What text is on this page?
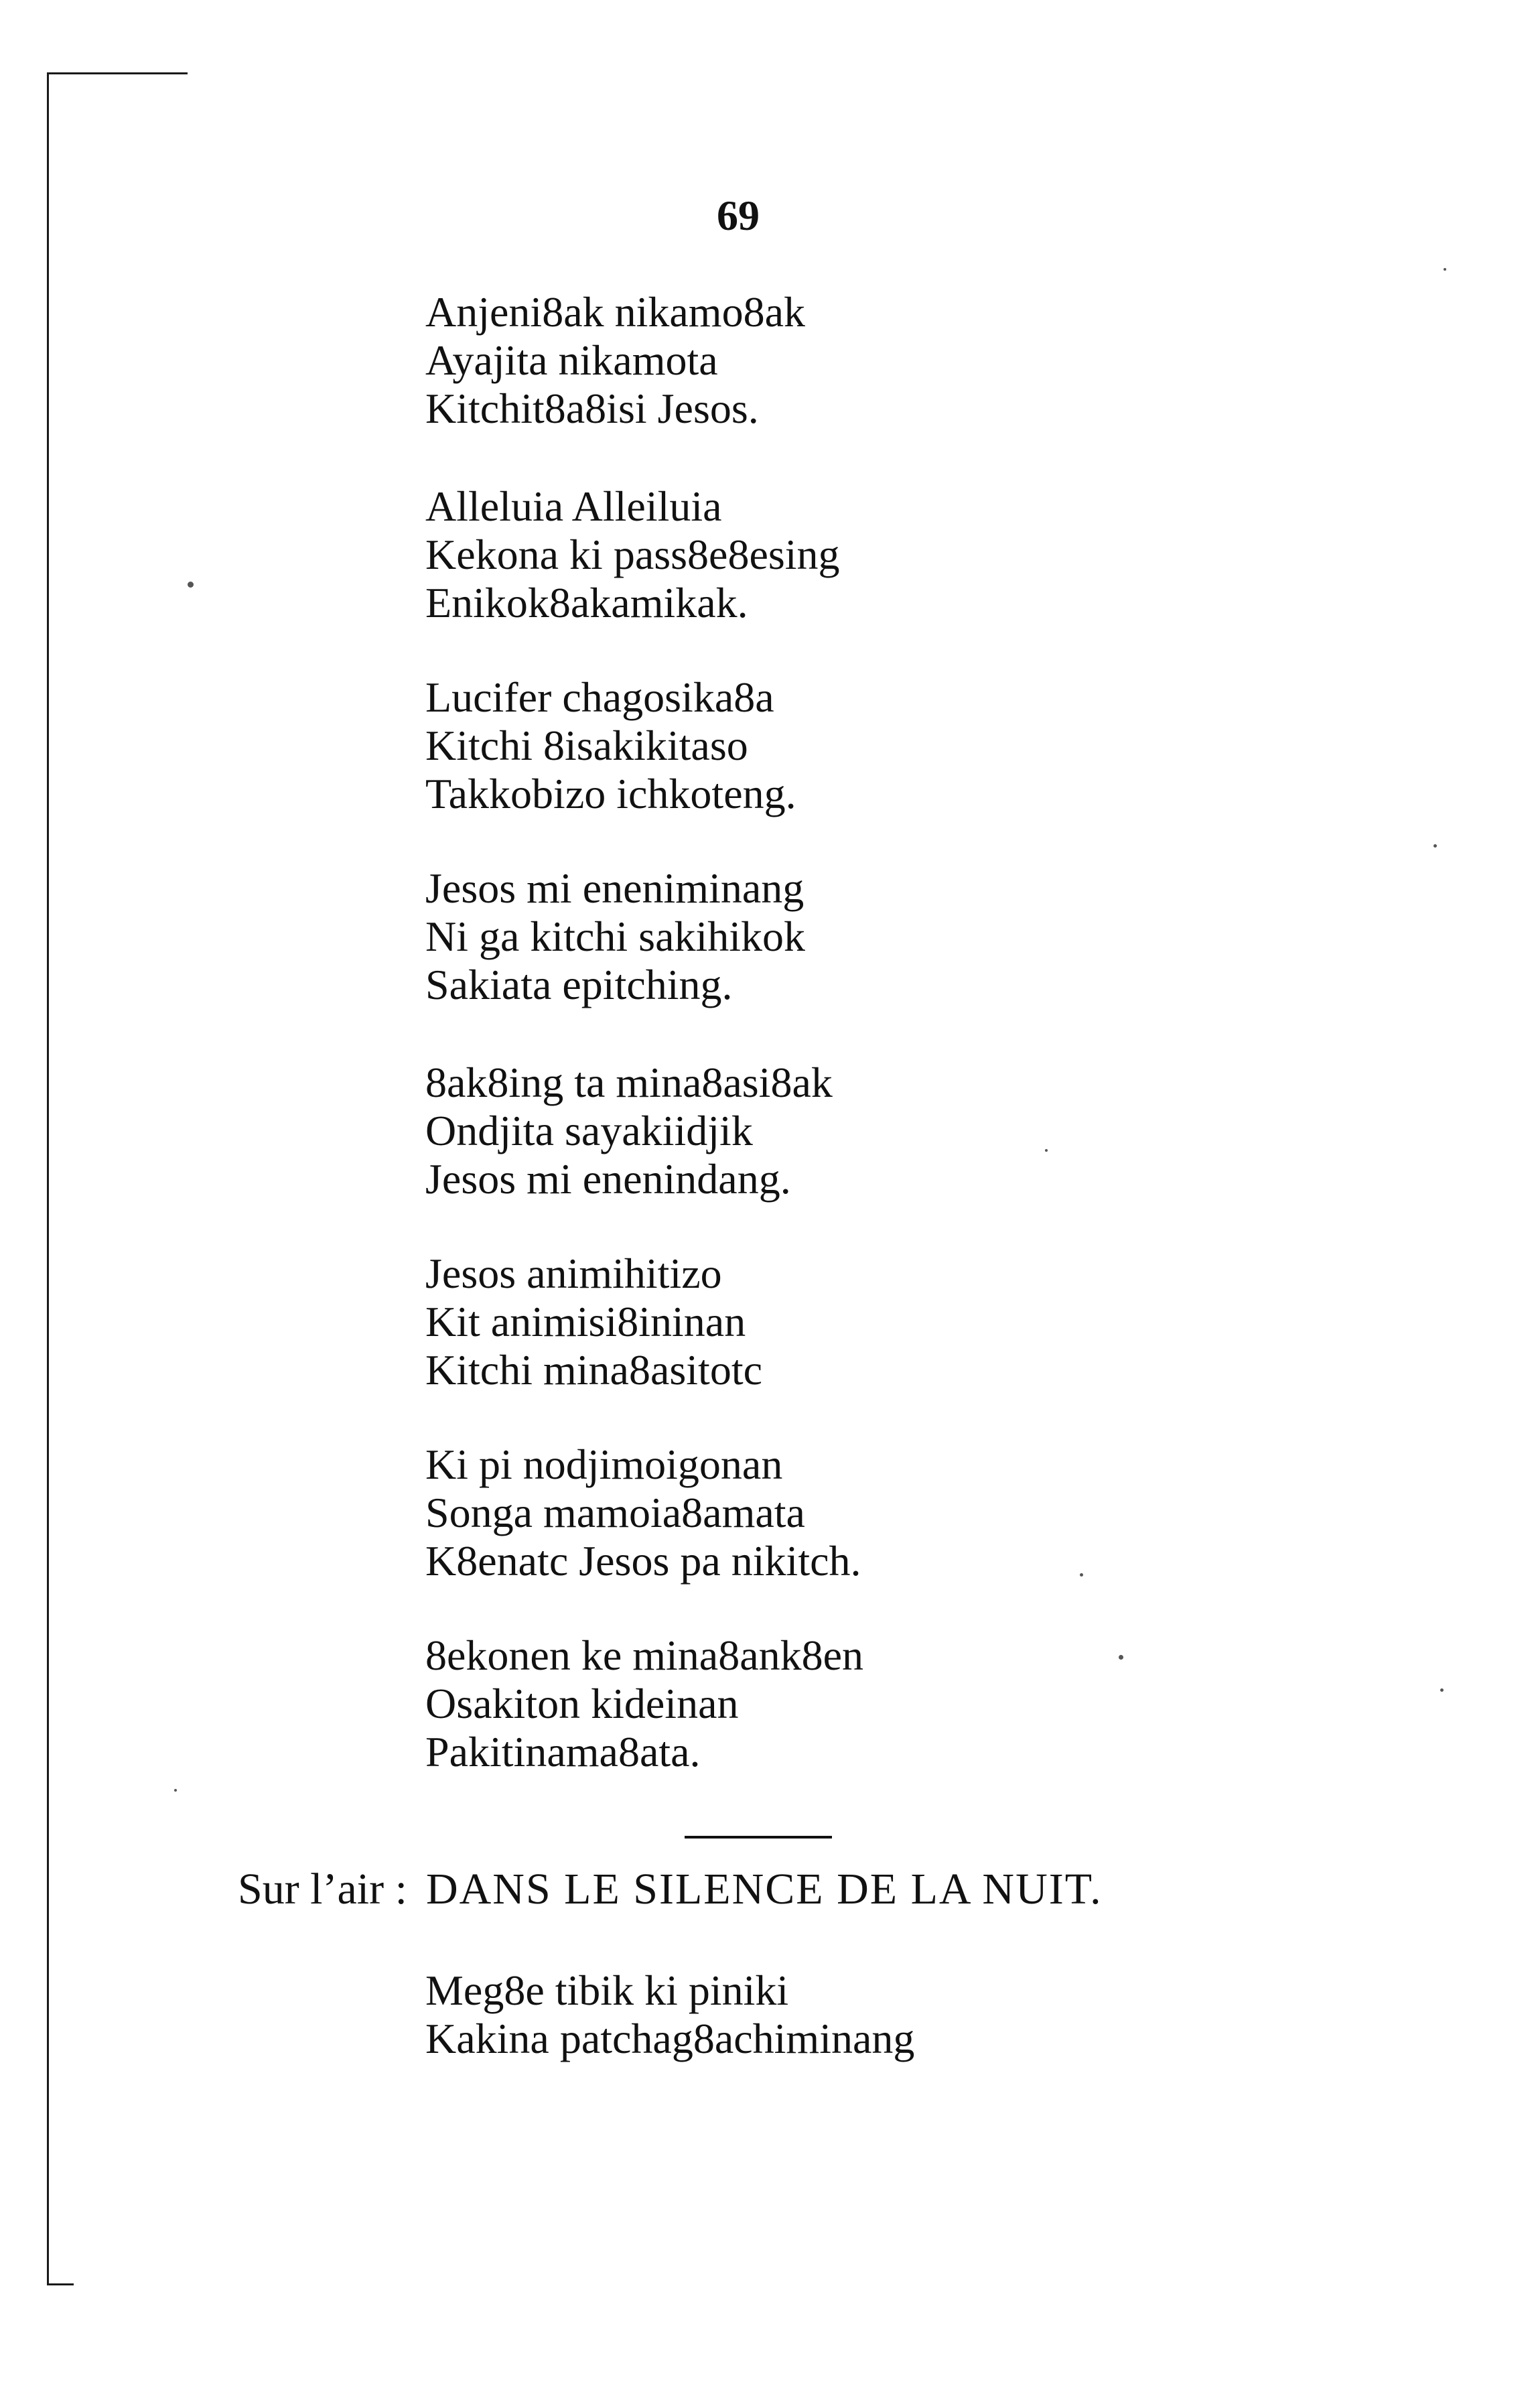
69
Anjeni8ak nikamo8ak
Ayajita nikamota
Kitchit8a8isi Jesos.
Alleluia Alleiluia
Kekona ki pass8e8esing
Enikok8akamikak.
Lucifer chagosika8a
Kitchi 8isakikitaso
Takkobizo ichkoteng.
Jesos mi eneniminang
Ni ga kitchi sakihikok
Sakiata epitching.
8ak8ing ta mina8asi8ak
Ondjita sayakiidjik
Jesos mi enenindang.
Jesos animihitizo
Kit animisi8ininan
Kitchi mina8asitotc
Ki pi nodjimoigonan
Songa mamoia8amata
K8enatc Jesos pa nikitch.
8ekonen ke mina8ank8en
Osakiton kideinan
Pakitinama8ata.
Sur l’air : DANS LE SILENCE DE LA NUIT.
Meg8e tibik ki piniki
Kakina patchag8achiminang
